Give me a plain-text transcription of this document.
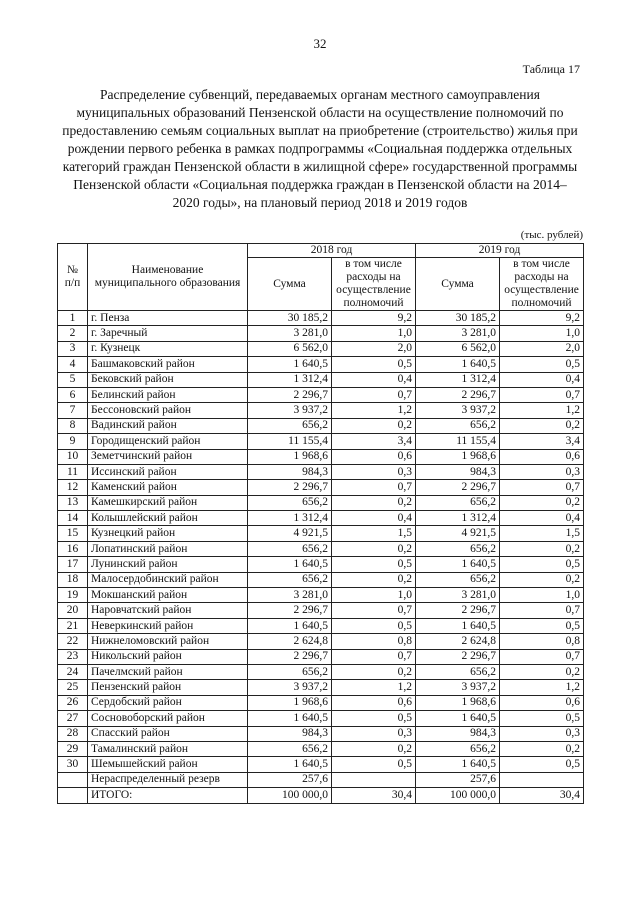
32
Таблица 17
Распределение субвенций, передаваемых органам местного самоуправления муниципальных образований Пензенской области на осуществление полномочий по предоставлению семьям социальных выплат на приобретение (строительство) жилья при рождении первого ребенка в рамках подпрограммы «Социальная поддержка отдельных категорий граждан Пензенской области в жилищной сфере» государственной программы Пензенской области «Социальная поддержка граждан в Пензенской области на 2014–2020 годы», на плановый период 2018 и 2019 годов
(тыс. рублей)
№ п/п	Наименование муниципального образования	2018 год		2019 год	
		Сумма	в том числе расходы на осуществление полномочий	Сумма	в том числе расходы на осуществление полномочий
1	г. Пенза	30 185,2	9,2	30 185,2	9,2
2	г. Заречный	3 281,0	1,0	3 281,0	1,0
3	г. Кузнецк	6 562,0	2,0	6 562,0	2,0
4	Башмаковский район	1 640,5	0,5	1 640,5	0,5
5	Бековский район	1 312,4	0,4	1 312,4	0,4
6	Белинский район	2 296,7	0,7	2 296,7	0,7
7	Бессоновский район	3 937,2	1,2	3 937,2	1,2
8	Вадинский район	656,2	0,2	656,2	0,2
9	Городищенский район	11 155,4	3,4	11 155,4	3,4
10	Земетчинский район	1 968,6	0,6	1 968,6	0,6
11	Иссинский район	984,3	0,3	984,3	0,3
12	Каменский район	2 296,7	0,7	2 296,7	0,7
13	Камешкирский район	656,2	0,2	656,2	0,2
14	Колышлейский район	1 312,4	0,4	1 312,4	0,4
15	Кузнецкий район	4 921,5	1,5	4 921,5	1,5
16	Лопатинский район	656,2	0,2	656,2	0,2
17	Лунинский район	1 640,5	0,5	1 640,5	0,5
18	Малосердобинский район	656,2	0,2	656,2	0,2
19	Мокшанский район	3 281,0	1,0	3 281,0	1,0
20	Наровчатский район	2 296,7	0,7	2 296,7	0,7
21	Неверкинский район	1 640,5	0,5	1 640,5	0,5
22	Нижнеломовский район	2 624,8	0,8	2 624,8	0,8
23	Никольский район	2 296,7	0,7	2 296,7	0,7
24	Пачелмский район	656,2	0,2	656,2	0,2
25	Пензенский район	3 937,2	1,2	3 937,2	1,2
26	Сердобский район	1 968,6	0,6	1 968,6	0,6
27	Сосновоборский район	1 640,5	0,5	1 640,5	0,5
28	Спасский район	984,3	0,3	984,3	0,3
29	Тамалинский район	656,2	0,2	656,2	0,2
30	Шемышейский район	1 640,5	0,5	1 640,5	0,5
	Нераспределенный резерв	257,6		257,6	
	ИТОГО:	100 000,0	30,4	100 000,0	30,4
